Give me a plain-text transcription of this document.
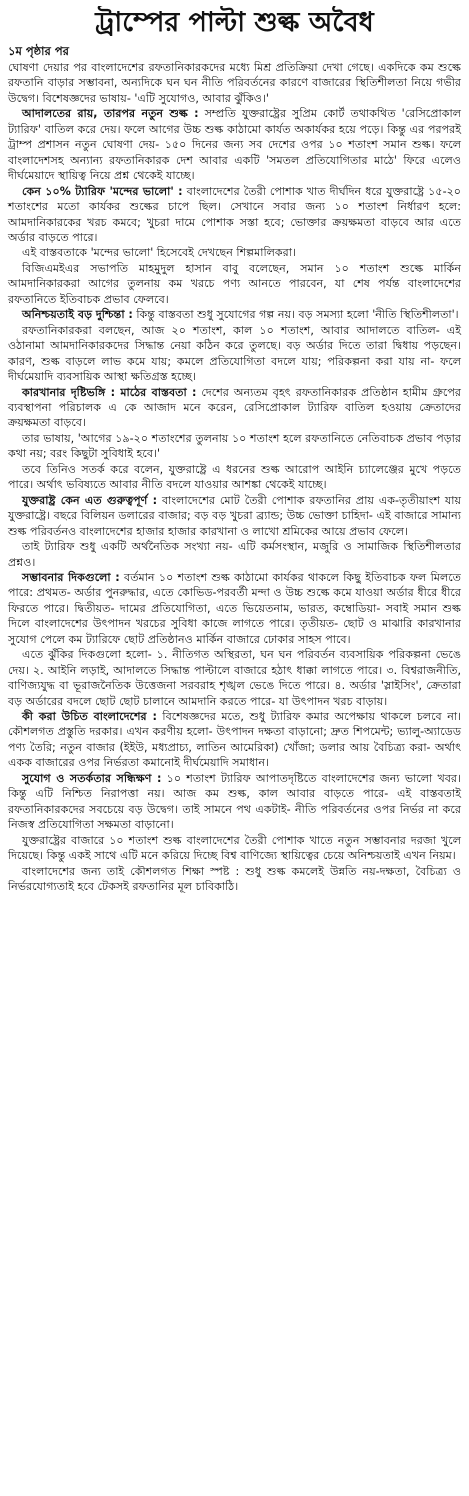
ট্রাম্পের পাল্টা শুল্ক অবৈধ
১ম পৃষ্ঠার পর

ঘোষণা দেয়ার পর বাংলাদেশের রফতানিকারকদের মধ্যে মিশ্র প্রতিক্রিয়া দেখা গেছে। একদিকে কম শুল্কে রফতানি বাড়ার সম্ভাবনা, অন্যদিকে ঘন ঘন নীতি পরিবর্তনের কারণে বাজারের স্থিতিশীলতা নিয়ে গভীর উদ্বেগ। বিশেষজ্ঞদের ভাষায়- 'এটি সুযোগও, আবার ঝুঁকিও।'

আদালতের রায়, তারপর নতুন শুল্ক : সম্প্রতি যুক্তরাষ্ট্রের সুপ্রিম কোর্ট তথাকথিত 'রেসিপ্রোকাল ট্যারিফ' বাতিল করে দেয়। ফলে আগের উচ্চ শুল্ক কাঠামো কার্যত অকার্যকর হয়ে পড়ে। কিন্তু এর পরপরই ট্রাম্প প্রশাসন নতুন ঘোষণা দেয়- ১৫০ দিনের জন্য সব দেশের ওপর ১০ শতাংশ সমান শুল্ক। ফলে বাংলাদেশসহ অন্যান্য রফতানিকারক দেশ আবার একটি 'সমতল প্রতিযোগিতার মাঠে' ফিরে এলেও দীর্ঘমেয়াদে স্থায়িত্ব নিয়ে প্রশ্ন থেকেই যাচ্ছে।

কেন ১০% ট্যারিফ 'মন্দের ভালো' : বাংলাদেশের তৈরী পোশাক খাত দীর্ঘদিন ধরে যুক্তরাষ্ট্রে ১৫-২০ শতাংশের মতো কার্যকর শুল্কের চাপে ছিল। সেখানে সবার জন্য ১০ শতাংশ নির্ধারণ হলে: আমদানিকারকের খরচ কমবে; খুচরা দামে পোশাক সস্তা হবে; ভোক্তার ক্রয়ক্ষমতা বাড়বে আর এতে অর্ডার বাড়তে পারে।

এই বাস্তবতাকে 'মন্দের ভালো' হিসেবেই দেখছেন শিল্পমালিকরা।

বিজিএমইএর সভাপতি মাহমুদুল হাসান বাবু বলেছেন, সমান ১০ শতাংশ শুল্কে মার্কিন আমদানিকারকরা আগের তুলনায় কম খরচে পণ্য আনতে পারবেন, যা শেষ পর্যন্ত বাংলাদেশের রফতানিতে ইতিবাচক প্রভাব ফেলবে।

অনিশ্চয়তাই বড় দুশ্চিন্তা : কিন্তু বাস্তবতা শুধু সুযোগের গল্প নয়। বড় সমস্যা হলো 'নীতি স্থিতিশীলতা'।

রফতানিকারকরা বলছেন, আজ ২০ শতাংশ, কাল ১০ শতাংশ, আবার আদালতে বাতিল- এই ওঠানামা আমদানিকারকদের সিদ্ধান্ত নেয়া কঠিন করে তুলছে। বড় অর্ডার দিতে তারা দ্বিধায় পড়ছেন। কারণ, শুল্ক বাড়লে লাভ কমে যায়; কমলে প্রতিযোগিতা বদলে যায়; পরিকল্পনা করা যায় না- ফলে দীর্ঘমেয়াদি ব্যবসায়িক আস্থা ক্ষতিগ্রস্ত হচ্ছে।

কারখানার দৃষ্টিভঙ্গি : মাঠের বাস্তবতা : দেশের অন্যতম বৃহৎ রফতানিকারক প্রতিষ্ঠান হামীম গ্রুপের ব্যবস্থাপনা পরিচালক এ কে আজাদ মনে করেন, রেসিপ্রোকাল ট্যারিফ বাতিল হওয়ায় ক্রেতাদের ক্রয়ক্ষমতা বাড়বে।

তার ভাষায়, 'আগের ১৯-২০ শতাংশের তুলনায় ১০ শতাংশ হলে রফতানিতে নেতিবাচক প্রভাব পড়ার কথা নয়; বরং কিছুটা সুবিধাই হবে।'

তবে তিনিও সতর্ক করে বলেন, যুক্তরাষ্ট্রে এ ধরনের শুল্ক আরোপ আইনি চ্যালেঞ্জের মুখে পড়তে পারে। অর্থাৎ ভবিষ্যতে আবার নীতি বদলে যাওয়ার আশঙ্কা থেকেই যাচ্ছে।

যুক্তরাষ্ট্র কেন এত গুরুত্বপূর্ণ : বাংলাদেশের মোট তৈরী পোশাক রফতানির প্রায় এক-তৃতীয়াংশ যায় যুক্তরাষ্ট্রে। বছরে বিলিয়ন ডলারের বাজার; বড় বড় খুচরা ব্র্যান্ড; উচ্চ ভোক্তা চাহিদা- এই বাজারে সামান্য শুল্ক পরিবর্তনও বাংলাদেশের হাজার হাজার কারখানা ও লাখো শ্রমিকের আয়ে প্রভাব ফেলে।

তাই ট্যারিফ শুধু একটি অর্থনৈতিক সংখ্যা নয়- এটি কর্মসংস্থান, মজুরি ও সামাজিক স্থিতিশীলতার প্রশ্নও।

সম্ভাবনার দিকগুলো : বর্তমান ১০ শতাংশ শুল্ক কাঠামো কার্যকর থাকলে কিছু ইতিবাচক ফল মিলতে পারে: প্রথমত- অর্ডার পুনরুদ্ধার, এতে কোভিড-পরবর্তী মন্দা ও উচ্চ শুল্কে কমে যাওয়া অর্ডার ধীরে ধীরে ফিরতে পারে। দ্বিতীয়ত- দামের প্রতিযোগিতা, এতে ভিয়েতনাম, ভারত, কম্বোডিয়া- সবাই সমান শুল্ক দিলে বাংলাদেশের উৎপাদন খরচের সুবিধা কাজে লাগতে পারে। তৃতীয়ত- ছোট ও মাঝারি কারখানার সুযোগ পেলে কম ট্যারিফে ছোট প্রতিষ্ঠানও মার্কিন বাজারে ঢোকার সাহস পাবে।

এতে ঝুঁকির দিকগুলো হলো- ১. নীতিগত অস্থিরতা, ঘন ঘন পরিবর্তন ব্যবসায়িক পরিকল্পনা ভেঙে দেয়। ২. আইনি লড়াই, আদালতে সিদ্ধান্ত পাল্টালে বাজারে হঠাৎ ধাক্কা লাগতে পারে। ৩. বিশ্বরাজনীতি, বাণিজ্যযুদ্ধ বা ভূরাজনৈতিক উত্তেজনা সরবরাহ শৃঙ্খল ভেঙে দিতে পারে। ৪. অর্ডার 'স্লাইসিং', ক্রেতারা বড় অর্ডারের বদলে ছোট ছোট চালানে আমদানি করতে পারে- যা উৎপাদন খরচ বাড়ায়।

কী করা উচিত বাংলাদেশের : বিশেষজ্ঞদের মতে, শুধু ট্যারিফ কমার অপেক্ষায় থাকলে চলবে না। কৌশলগত প্রস্তুতি দরকার। এখন করণীয় হলো- উৎপাদন দক্ষতা বাড়ানো; দ্রুত শিপমেন্ট; ভ্যালু-অ্যাডেড পণ্য তৈরি; নতুন বাজার (ইইউ, মধ্যপ্রাচ্য, লাতিন আমেরিকা) খোঁজা; ডলার আয় বৈচিত্র্য করা- অর্থাৎ একক বাজারের ওপর নির্ভরতা কমানোই দীর্ঘমেয়াদি সমাধান।

সুযোগ ও সতর্কতার সন্ধিক্ষণ : ১০ শতাংশ ট্যারিফ আপাতদৃষ্টিতে বাংলাদেশের জন্য ভালো খবর। কিন্তু এটি নিশ্চিত নিরাপত্তা নয়। আজ কম শুল্ক, কাল আবার বাড়তে পারে- এই বাস্তবতাই রফতানিকারকদের সবচেয়ে বড় উদ্বেগ। তাই সামনে পথ একটাই- নীতি পরিবর্তনের ওপর নির্ভর না করে নিজস্ব প্রতিযোগিতা সক্ষমতা বাড়ানো।

যুক্তরাষ্ট্রের বাজারে ১০ শতাংশ শুল্ক বাংলাদেশের তৈরী পোশাক খাতে নতুন সম্ভাবনার দরজা খুলে দিয়েছে। কিন্তু একই সাথে এটি মনে করিয়ে দিচ্ছে বিশ্ব বাণিজ্যে স্থায়িত্বের চেয়ে অনিশ্চয়তাই এখন নিয়ম।

বাংলাদেশের জন্য তাই কৌশলগত শিক্ষা স্পষ্ট : শুধু শুল্ক কমলেই উন্নতি নয়-দক্ষতা, বৈচিত্র্য ও নির্ভরযোগ্যতাই হবে টেকসই রফতানির মূল চাবিকাঠি।
